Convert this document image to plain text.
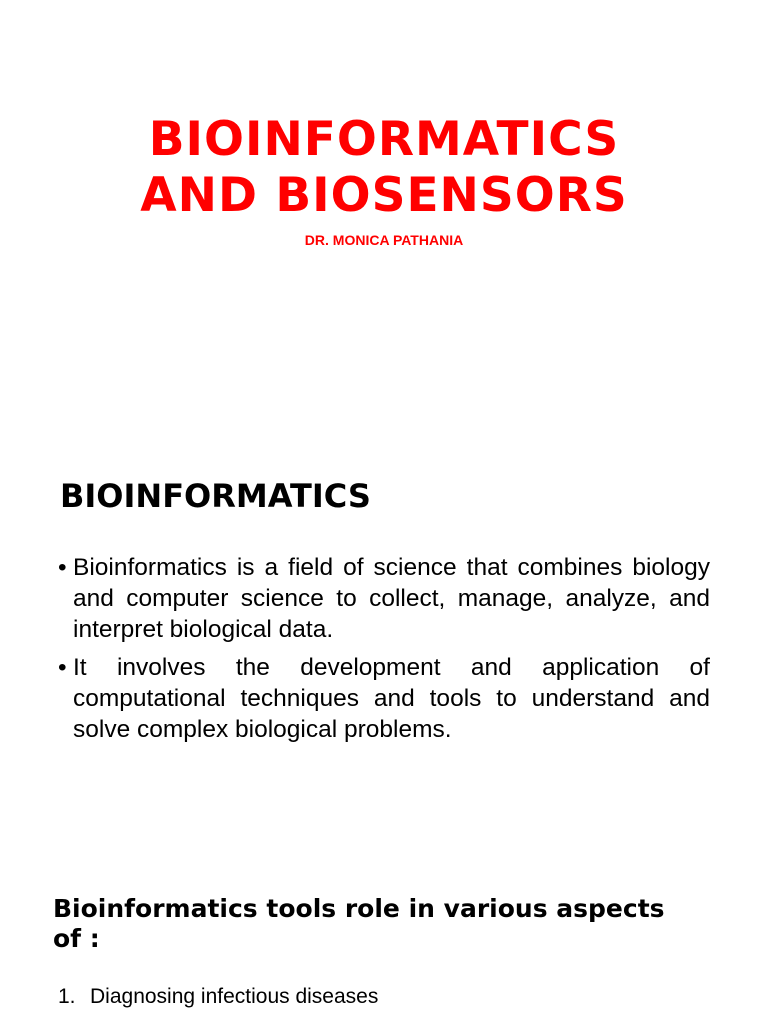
BIOINFORMATICS
AND BIOSENSORS
DR. MONICA PATHANIA
BIOINFORMATICS
• Bioinformatics is a field of science that combines biology and computer science to collect, manage, analyze, and interpret biological data.
• It involves the development and application of computational techniques and tools to understand and solve complex biological problems.
Bioinformatics tools role in various aspects of :
1. Diagnosing infectious diseases
